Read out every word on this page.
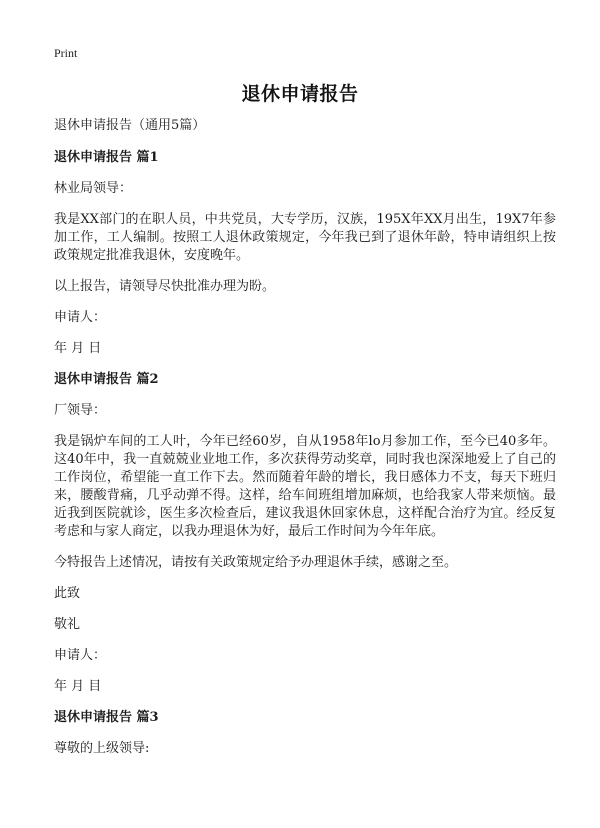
Print
退休申请报告

退休申请报告（通用5篇）

退休申请报告 篇1

林业局领导：

我是XX部门的在职人员，中共党员，大专学历，汉族，195X年XX月出生，19X7年参加工作，工人编制。按照工人退休政策规定，今年我已到了退休年龄，特申请组织上按政策规定批准我退休，安度晚年。

以上报告，请领导尽快批准办理为盼。

申请人：

年 月 日

退休申请报告 篇2

厂领导：

我是锅炉车间的工人叶，今年已经60岁，自从1958年lo月参加工作，至今已40多年。这40年中，我一直兢兢业业地工作，多次获得劳动奖章，同时我也深深地爱上了自己的工作岗位，希望能一直工作下去。然而随着年龄的增长，我日感体力不支，每天下班归来，腰酸背痛，几乎动弹不得。这样，给车间班组增加麻烦，也给我家人带来烦恼。最近我到医院就诊，医生多次检查后，建议我退休回家休息，这样配合治疗为宜。经反复考虑和与家人商定，以我办理退休为好，最后工作时间为今年年底。

今特报告上述情况，请按有关政策规定给予办理退休手续，感谢之至。

此致

敬礼

申请人：

年 月 目

退休申请报告 篇3

尊敬的上级领导:
